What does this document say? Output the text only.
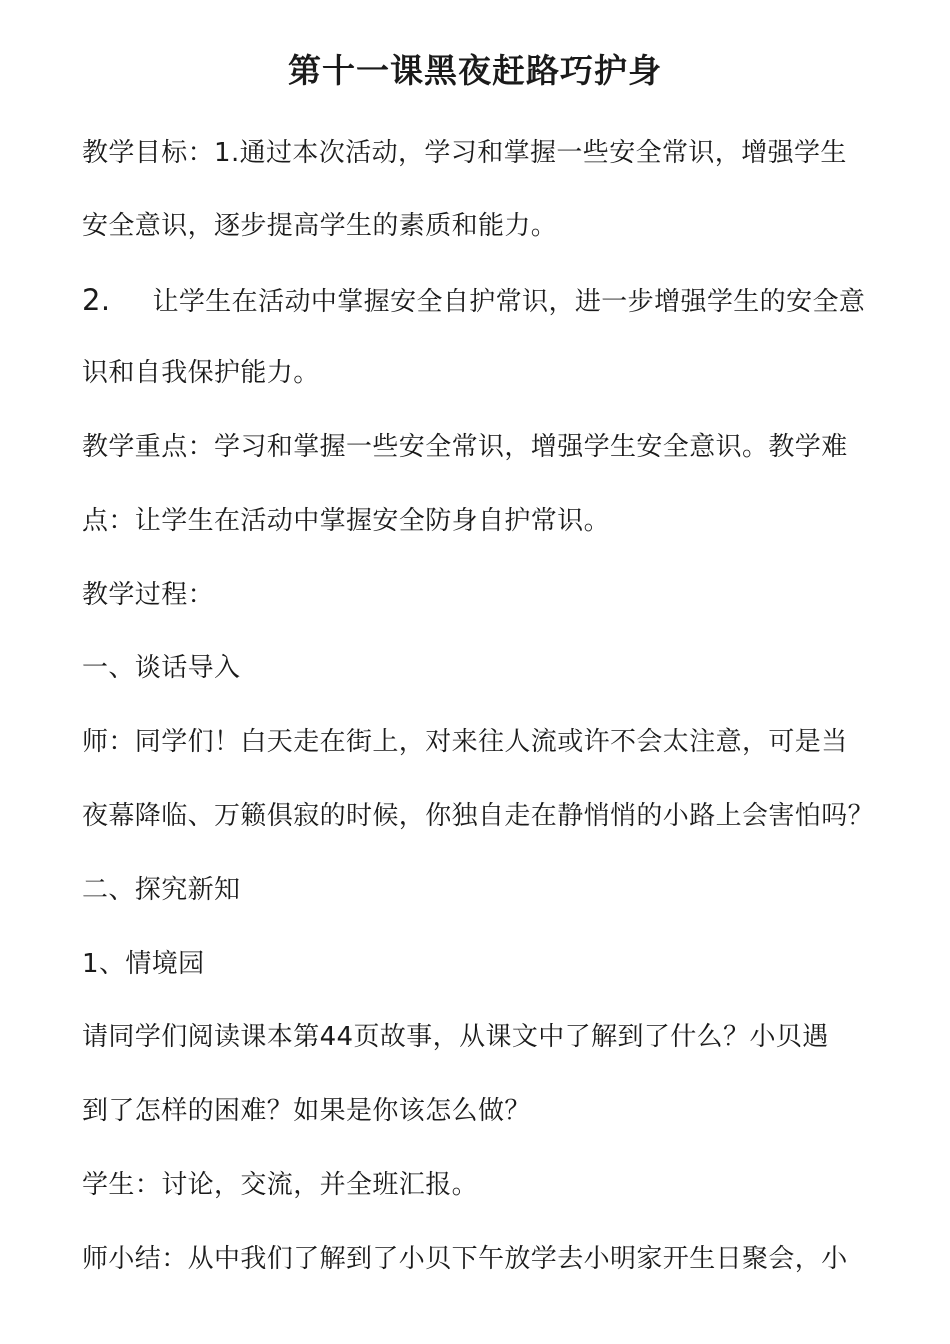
第十一课黑夜赶路巧护身
教学目标：1.通过本次活动，学习和掌握一些安全常识，增强学生
安全意识，逐步提高学生的素质和能力。
2. 让学生在活动中掌握安全自护常识，进一步增强学生的安全意
识和自我保护能力。
教学重点：学习和掌握一些安全常识，增强学生安全意识。教学难
点：让学生在活动中掌握安全防身自护常识。
教学过程：
一、谈话导入
师：同学们！白天走在街上，对来往人流或许不会太注意，可是当
夜幕降临、万籁俱寂的时候，你独自走在静悄悄的小路上会害怕吗？
二、探究新知
1、情境园
请同学们阅读课本第44页故事，从课文中了解到了什么？小贝遇
到了怎样的困难？如果是你该怎么做？
学生：讨论，交流，并全班汇报。
师小结：从中我们了解到了小贝下午放学去小明家开生日聚会，小
